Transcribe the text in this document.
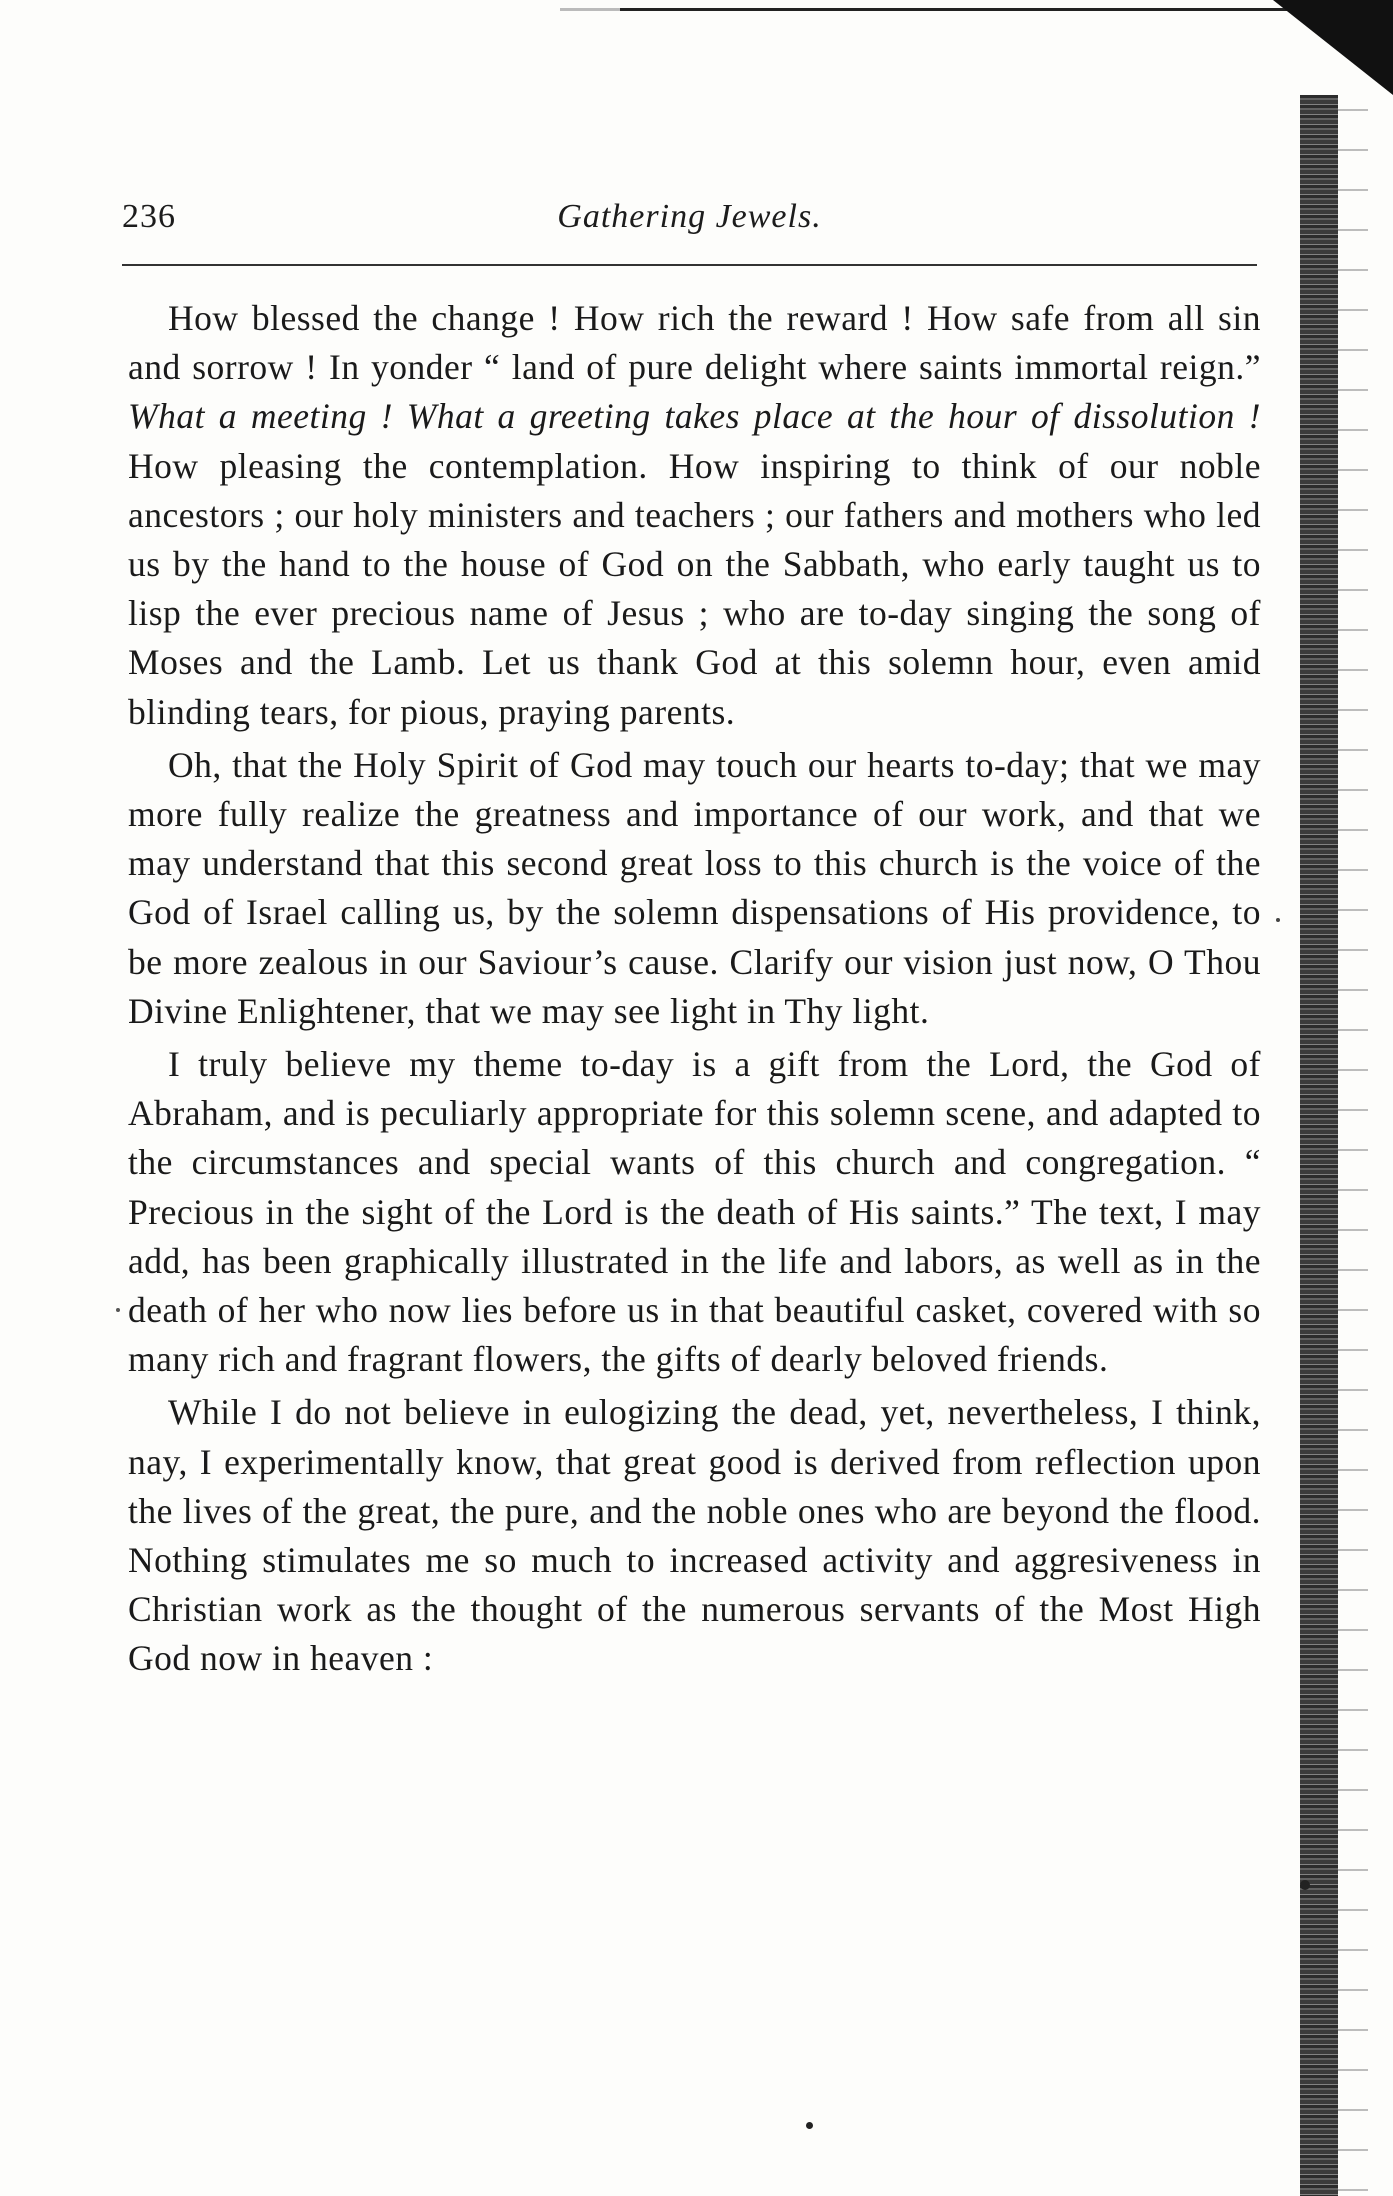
236	Gathering Jewels.

How blessed the change ! How rich the reward ! How safe from all sin and sorrow ! In yonder “ land of pure delight where saints immortal reign.” What a meeting ! What a greeting takes place at the hour of dissolution ! How pleasing the contemplation. How inspiring to think of our noble ancestors ; our holy ministers and teachers ; our fathers and mothers who led us by the hand to the house of God on the Sabbath, who early taught us to lisp the ever precious name of Jesus ; who are to-day singing the song of Moses and the Lamb. Let us thank God at this solemn hour, even amid blinding tears, for pious, praying parents.

Oh, that the Holy Spirit of God may touch our hearts to-day; that we may more fully realize the greatness and importance of our work, and that we may understand that this second great loss to this church is the voice of the God of Israel calling us, by the solemn dispensations of His providence, to be more zealous in our Saviour’s cause. Clarify our vision just now, O Thou Divine Enlightener, that we may see light in Thy light.

I truly believe my theme to-day is a gift from the Lord, the God of Abraham, and is peculiarly appropriate for this solemn scene, and adapted to the circumstances and special wants of this church and congregation. “ Precious in the sight of the Lord is the death of His saints.” The text, I may add, has been graphically illustrated in the life and labors, as well as in the death of her who now lies before us in that beautiful casket, covered with so many rich and fragrant flowers, the gifts of dearly beloved friends.

While I do not believe in eulogizing the dead, yet, nevertheless, I think, nay, I experimentally know, that great good is derived from reflection upon the lives of the great, the pure, and the noble ones who are beyond the flood. Nothing stimulates me so much to increased activity and aggresiveness in Christian work as the thought of the numerous servants of the Most High God now in heaven :
